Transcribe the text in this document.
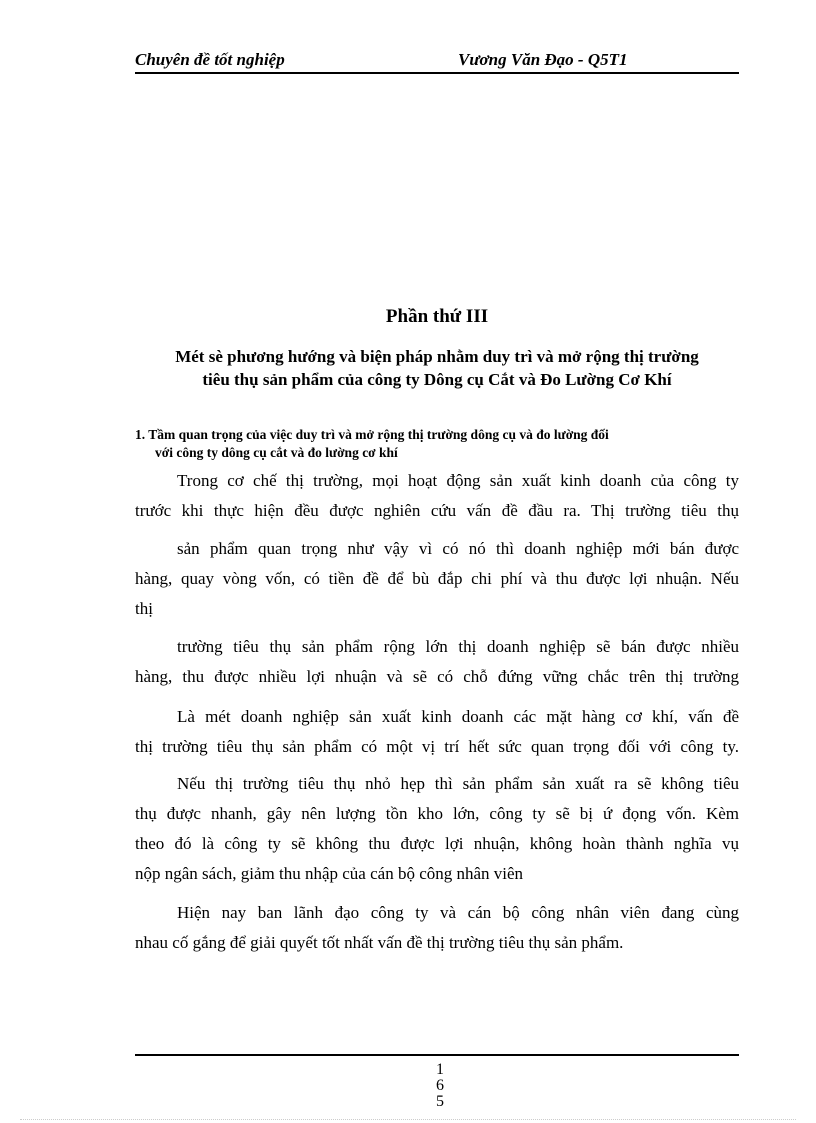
Chuyên đề tốt nghiệp	Vương Văn Đạo - Q5T1
Phần thứ III
Mét sè phương hướng và biện pháp nhằm duy trì và mở rộng thị trường
tiêu thụ sản phẩm của công ty Dông cụ Cắt và Đo Lường Cơ Khí
1. Tầm quan trọng của việc duy trì và mở rộng thị trường dông cụ và đo lường đối
với công ty dông cụ cắt và đo lường cơ khí
Trong cơ chế thị trường, mọi hoạt động sản xuất kinh doanh của công ty
trước khi thực hiện đều được nghiên cứu vấn đề đầu ra. Thị trường tiêu thụ
sản phẩm quan trọng như vậy vì có nó thì doanh nghiệp mới bán được
hàng, quay vòng vốn, có tiền đề để bù đắp chi phí và thu được lợi nhuận. Nếu
thị
trường tiêu thụ sản phẩm rộng lớn thị doanh nghiệp sẽ bán được nhiều
hàng, thu được nhiều lợi nhuận và sẽ có chỗ đứng vững chắc trên thị trường
Là mét doanh nghiệp sản xuất kinh doanh các mặt hàng cơ khí, vấn đề
thị trường tiêu thụ sản phẩm có một vị trí hết sức quan trọng đối với công ty.
Nếu thị trường tiêu thụ nhỏ hẹp thì sản phẩm sản xuất ra sẽ không tiêu
thụ được nhanh, gây nên lượng tồn kho lớn, công ty sẽ bị ứ đọng vốn. Kèm
theo đó là công ty sẽ không thu được lợi nhuận, không hoàn thành nghĩa vụ
nộp ngân sách, giảm thu nhập của cán bộ công nhân viên
Hiện nay ban lãnh đạo công ty và cán bộ công nhân viên đang cùng
nhau cố gắng để giải quyết tốt nhất vấn đề thị trường tiêu thụ sản phẩm.
1
6
5
